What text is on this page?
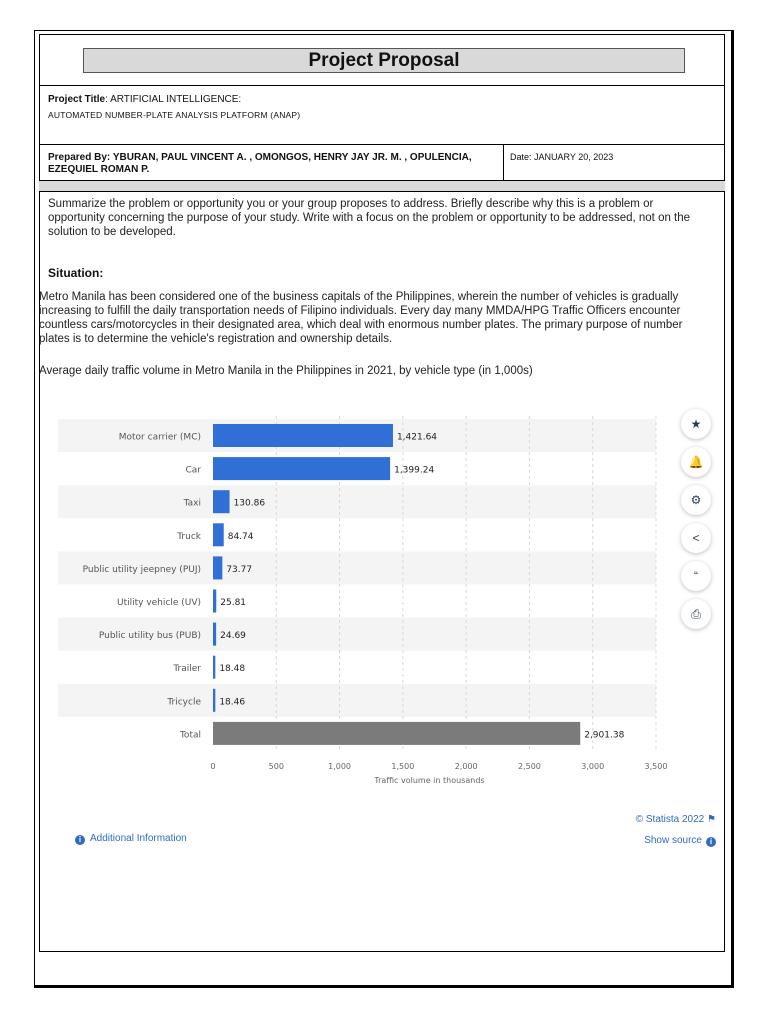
Project Proposal
Project Title: ARTIFICIAL INTELLIGENCE:
AUTOMATED NUMBER-PLATE ANALYSIS PLATFORM (ANAP)
Prepared By: YBURAN, PAUL VINCENT A. , OMONGOS, HENRY JAY JR. M. , OPULENCIA, EZEQUIEL ROMAN P.
Date: JANUARY 20, 2023
Summarize the problem or opportunity you or your group proposes to address. Briefly describe why this is a problem or opportunity concerning the purpose of your study. Write with a focus on the problem or opportunity to be addressed, not on the solution to be developed.
Situation:
Metro Manila has been considered one of the business capitals of the Philippines, wherein the number of vehicles is gradually increasing to fulfill the daily transportation needs of Filipino individuals. Every day many MMDA/HPG Traffic Officers encounter countless cars/motorcycles in their designated area, which deal with enormous number plates. The primary purpose of number plates is to determine the vehicle's registration and ownership details.
Average daily traffic volume in Metro Manila in the Philippines in 2021, by vehicle type (in 1,000s)
Motor carrier (MC)	1,421.64
Car	1,399.24
Taxi	130.86
Truck	84.74
Public utility jeepney (PUJ)	73.77
Utility vehicle (UV) 25.81
Public utility bus (PUB) 24.69
Trailer 18.48
Tricycle 18.46
Total	2,901.38
0	500	1,000	1,500	2,000	2,500	3,000	3,500
Traffic volume in thousands
★
🔔
⚙
<
“
⎙
i Additional Information
© Statista 2022 ⚑
Show source i
